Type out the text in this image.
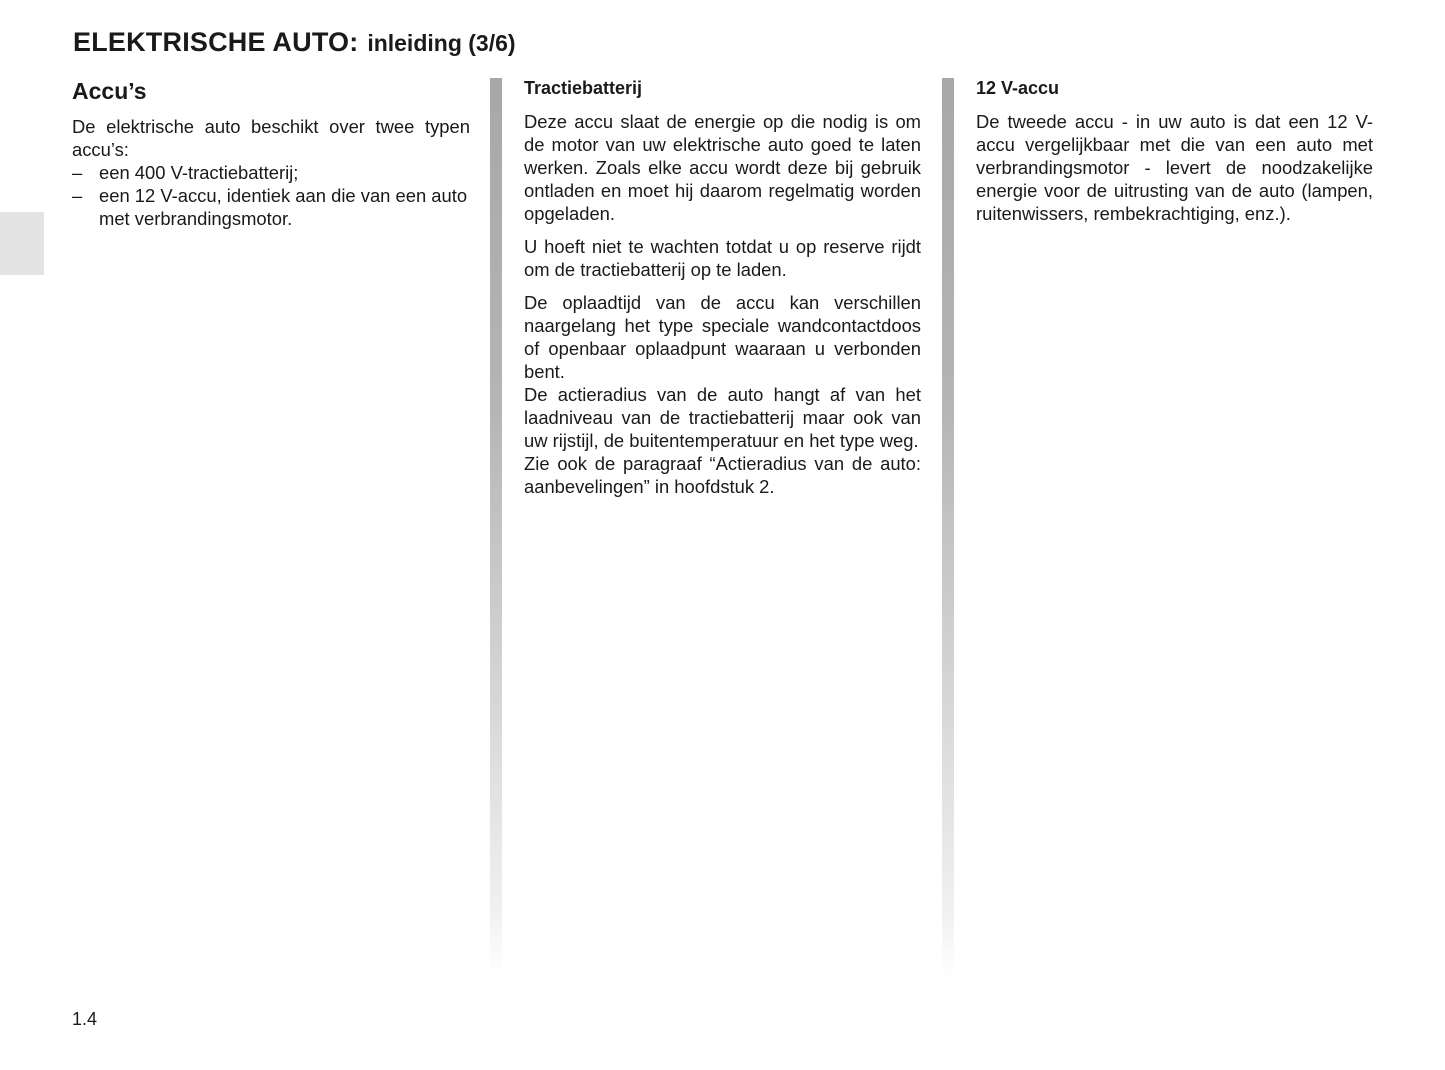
ELEKTRISCHE AUTO: inleiding (3/6)
Accu’s

De elektrische auto beschikt over twee typen accu’s:

– een 400 V-tractiebatterij;
– een 12 V-accu, identiek aan die van een auto met verbrandingsmotor.
Tractiebatterij

Deze accu slaat de energie op die nodig is om de motor van uw elektrische auto goed te laten werken. Zoals elke accu wordt deze bij gebruik ontladen en moet hij daarom regelmatig worden opgeladen.

U hoeft niet te wachten totdat u op reserve rijdt om de tractiebatterij op te laden.

De oplaadtijd van de accu kan verschillen naargelang het type speciale wandcontactdoos of openbaar oplaadpunt waaraan u verbonden bent.

De actieradius van de auto hangt af van het laadniveau van de tractiebatterij maar ook van uw rijstijl, de buitentemperatuur en het type weg.

Zie ook de paragraaf “Actieradius van de auto: aanbevelingen” in hoofdstuk 2.

12 V-accu

De tweede accu - in uw auto is dat een 12 V-accu vergelijkbaar met die van een auto met verbrandingsmotor - levert de noodzakelijke energie voor de uitrusting van de auto (lampen, ruitenwissers, rembekrachtiging, enz.).

1.4
